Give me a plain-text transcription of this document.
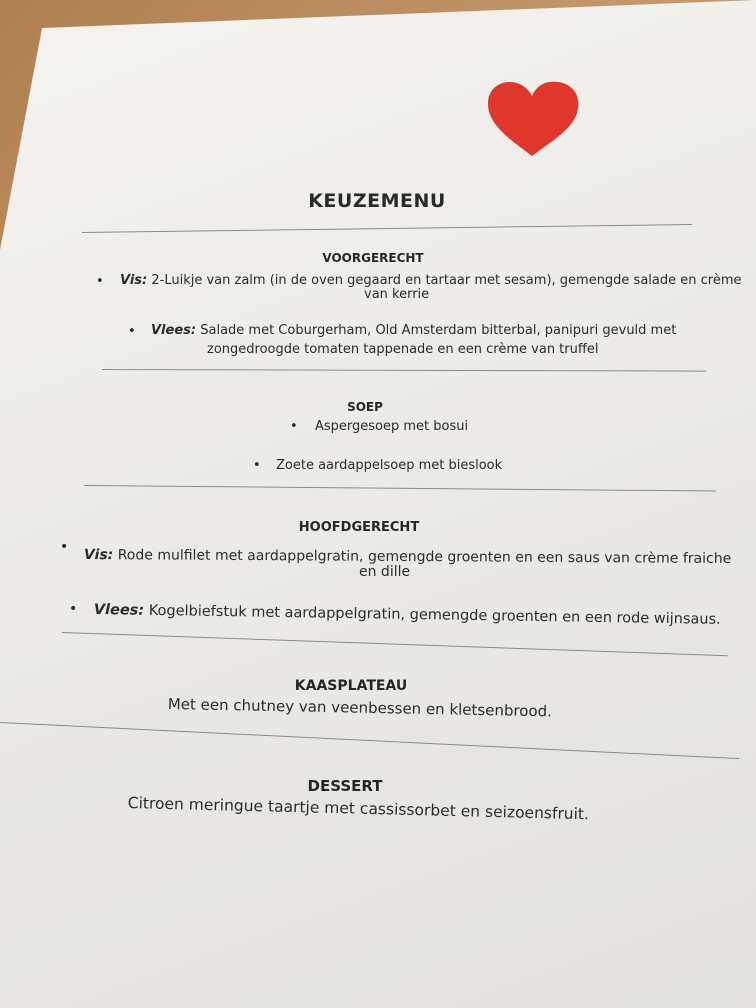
KEUZEMENU
VOORGERECHT
• Vis: 2-Luikje van zalm (in de oven gegaard en tartaar met sesam), gemengde salade en crème
van kerrie
• Vlees: Salade met Coburgerham, Old Amsterdam bitterbal, panipuri gevuld met
zongedroogde tomaten tappenade en een crème van truffel
SOEP
• Aspergesoep met bosui
• Zoete aardappelsoep met bieslook
HOOFDGERECHT
• Vis: Rode mulfilet met aardappelgratin, gemengde groenten en een saus van crème fraiche
en dille
• Vlees: Kogelbiefstuk met aardappelgratin, gemengde groenten en een rode wijnsaus.
KAASPLATEAU
Met een chutney van veenbessen en kletsenbrood.
DESSERT
Citroen meringue taartje met cassissorbet en seizoensfruit.
